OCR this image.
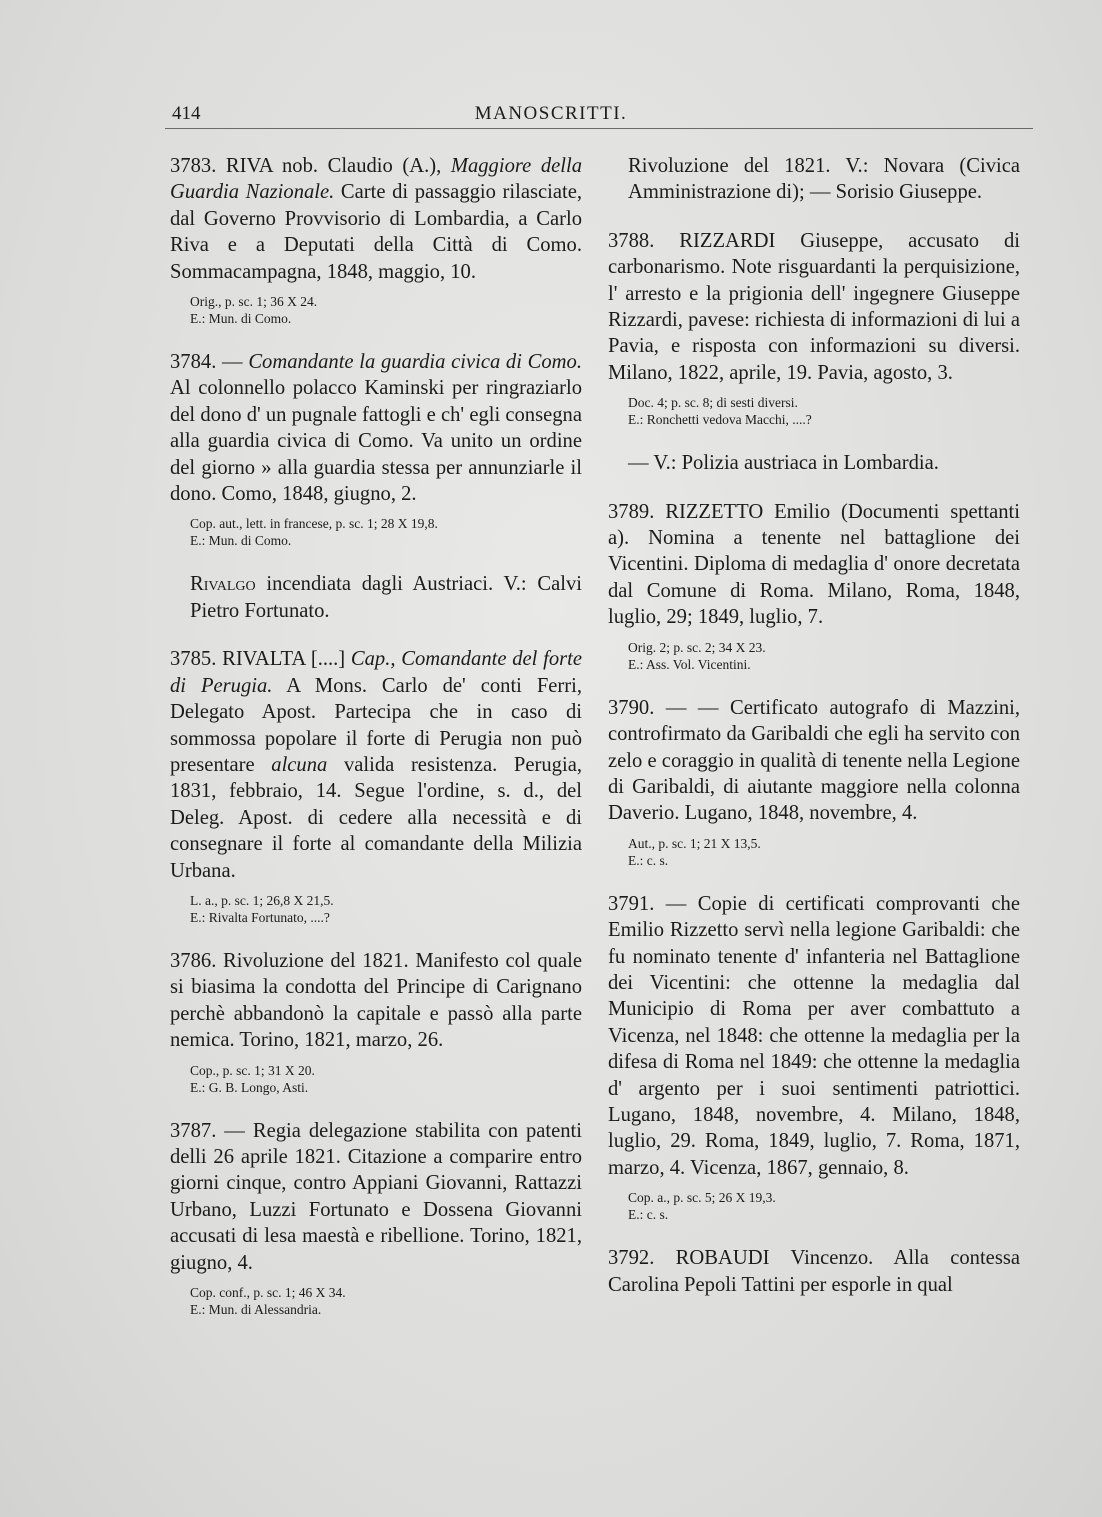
414	MANOSCRITTI.

3783. RIVA nob. Claudio (A.), Maggiore della Guardia Nazionale. Carte di passaggio rilasciate, dal Governo Provvisorio di Lombardia, a Carlo Riva e a Deputati della Città di Como. Sommacampagna, 1848, maggio, 10.

Orig., p. sc. 1; 36 X 24.
E.: Mun. di Como.

3784. — Comandante la guardia civica di Como. Al colonnello polacco Kaminski per ringraziarlo del dono d' un pugnale fattogli e ch' egli consegna alla guardia civica di Como. Va unito un ordine del giorno » alla guardia stessa per annunziarle il dono. Como, 1848, giugno, 2.

Cop. aut., lett. in francese, p. sc. 1; 28 X 19,8.
E.: Mun. di Como.

Rivalgo incendiata dagli Austriaci. V.: Calvi Pietro Fortunato.

3785. RIVALTA [....] Cap., Comandante del forte di Perugia. A Mons. Carlo de' conti Ferri, Delegato Apost. Partecipa che in caso di sommossa popolare il forte di Perugia non può presentare alcuna valida resistenza. Perugia, 1831, febbraio, 14. Segue l'ordine, s. d., del Deleg. Apost. di cedere alla necessità e di consegnare il forte al comandante della Milizia Urbana.

L. a., p. sc. 1; 26,8 X 21,5.
E.: Rivalta Fortunato, ....?

3786. Rivoluzione del 1821. Manifesto col quale si biasima la condotta del Principe di Carignano perchè abbandonò la capitale e passò alla parte nemica. Torino, 1821, marzo, 26.

Cop., p. sc. 1; 31 X 20.
E.: G. B. Longo, Asti.

3787. — Regia delegazione stabilita con patenti delli 26 aprile 1821. Citazione a comparire entro giorni cinque, contro Appiani Giovanni, Rattazzi Urbano, Luzzi Fortunato e Dossena Giovanni accusati di lesa maestà e ribellione. Torino, 1821, giugno, 4.

Cop. conf., p. sc. 1; 46 X 34.
E.: Mun. di Alessandria.

Rivoluzione del 1821. V.: Novara (Civica Amministrazione di); — Sorisio Giuseppe.

3788. RIZZARDI Giuseppe, accusato di carbonarismo. Note risguardanti la perquisizione, l' arresto e la prigionia dell' ingegnere Giuseppe Rizzardi, pavese: richiesta di informazioni di lui a Pavia, e risposta con informazioni su diversi. Milano, 1822, aprile, 19. Pavia, agosto, 3.

Doc. 4; p. sc. 8; di sesti diversi.
E.: Ronchetti vedova Macchi, ....?

— V.: Polizia austriaca in Lombardia.

3789. RIZZETTO Emilio (Documenti spettanti a). Nomina a tenente nel battaglione dei Vicentini. Diploma di medaglia d' onore decretata dal Comune di Roma. Milano, Roma, 1848, luglio, 29; 1849, luglio, 7.

Orig. 2; p. sc. 2; 34 X 23.
E.: Ass. Vol. Vicentini.

3790. — — Certificato autografo di Mazzini, controfirmato da Garibaldi che egli ha servito con zelo e coraggio in qualità di tenente nella Legione di Garibaldi, di aiutante maggiore nella colonna Daverio. Lugano, 1848, novembre, 4.

Aut., p. sc. 1; 21 X 13,5.
E.: c. s.

3791. — Copie di certificati comprovanti che Emilio Rizzetto servì nella legione Garibaldi: che fu nominato tenente d' infanteria nel Battaglione dei Vicentini: che ottenne la medaglia dal Municipio di Roma per aver combattuto a Vicenza, nel 1848: che ottenne la medaglia per la difesa di Roma nel 1849: che ottenne la medaglia d' argento per i suoi sentimenti patriottici. Lugano, 1848, novembre, 4. Milano, 1848, luglio, 29. Roma, 1849, luglio, 7. Roma, 1871, marzo, 4. Vicenza, 1867, gennaio, 8.

Cop. a., p. sc. 5; 26 X 19,3.
E.: c. s.

3792. ROBAUDI Vincenzo. Alla contessa Carolina Pepoli Tattini per esporle in qual
